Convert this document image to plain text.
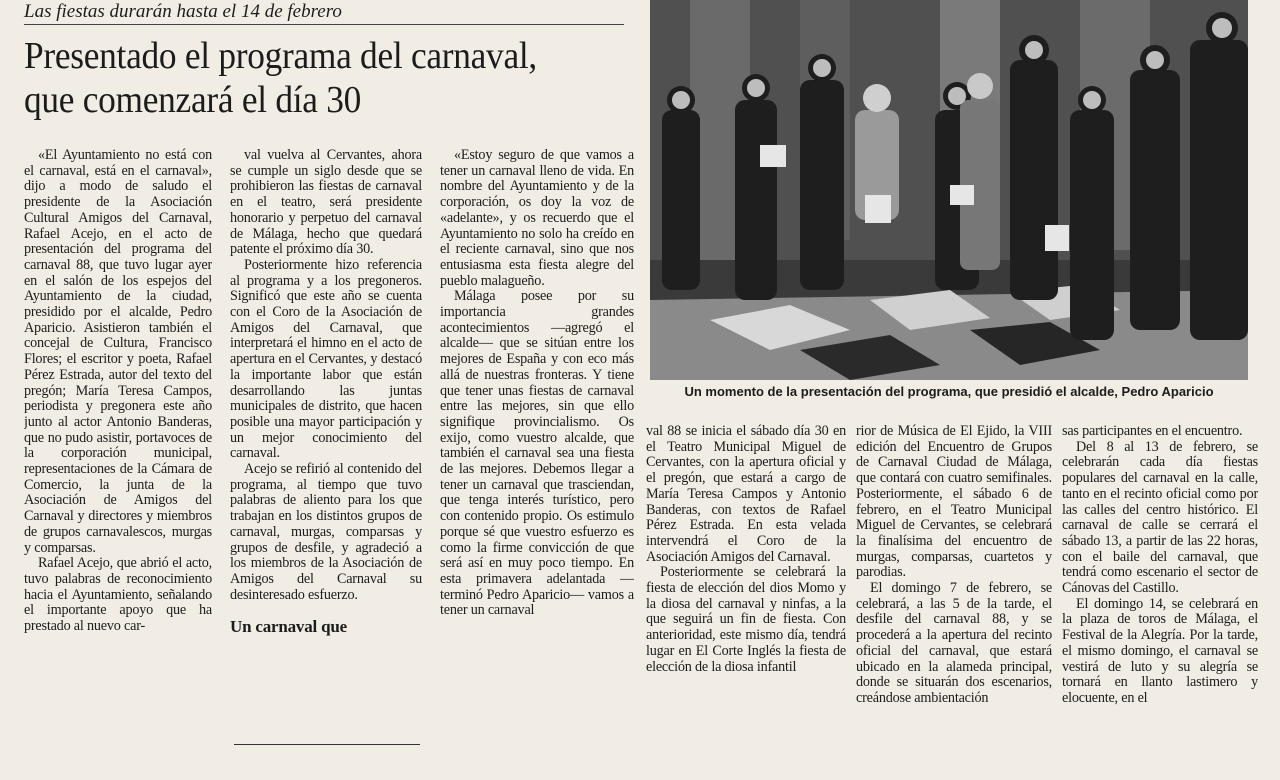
Las fiestas durarán hasta el 14 de febrero
Presentado el programa del carnaval, que comenzará el día 30

«El Ayuntamiento no está con el carnaval, está en el carnaval», dijo a modo de saludo el presidente de la Asociación Cultural Amigos del Carnaval, Rafael Acejo, en el acto de presentación del programa del carnaval 88, que tuvo lugar ayer en el salón de los espejos del Ayuntamiento de la ciudad, presidido por el alcalde, Pedro Aparicio. Asistieron también el concejal de Cultura, Francisco Flores; el escritor y poeta, Rafael Pérez Estrada, autor del texto del pregón; María Teresa Campos, periodista y pregonera este año junto al actor Antonio Banderas, que no pudo asistir, portavoces de la corporación municipal, representaciones de la Cámara de Comercio, la junta de la Asociación de Amigos del Carnaval y directores y miembros de grupos carnavalescos, murgas y comparsas.

Rafael Acejo, que abrió el acto, tuvo palabras de reconocimiento hacia el Ayuntamiento, señalando el importante apoyo que ha prestado al nuevo car-

val vuelva al Cervantes, ahora se cumple un siglo desde que se prohibieron las fiestas de carnaval en el teatro, será presidente honorario y perpetuo del carnaval de Málaga, hecho que quedará patente el próximo día 30.

Posteriormente hizo referencia al programa y a los pregoneros. Significó que este año se cuenta con el Coro de la Asociación de Amigos del Carnaval, que interpretará el himno en el acto de apertura en el Cervantes, y destacó la importante labor que están desarrollando las juntas municipales de distrito, que hacen posible una mayor participación y un mejor conocimiento del carnaval.

Acejo se refirió al contenido del programa, al tiempo que tuvo palabras de aliento para los que trabajan en los distintos grupos de carnaval, murgas, comparsas y grupos de desfile, y agradeció a los miembros de la Asociación de Amigos del Carnaval su desinteresado esfuerzo.

Un carnaval que

«Estoy seguro de que vamos a tener un carnaval lleno de vida. En nombre del Ayuntamiento y de la corporación, os doy la voz de «adelante», y os recuerdo que el Ayuntamiento no solo ha creído en el reciente carnaval, sino que nos entusiasma esta fiesta alegre del pueblo malagueño.

Málaga posee por su importancia grandes acontecimientos —agregó el alcalde— que se sitúan entre los mejores de España y con eco más allá de nuestras fronteras. Y tiene que tener unas fiestas de carnaval entre las mejores, sin que ello signifique provincialismo. Os exijo, como vuestro alcalde, que también el carnaval sea una fiesta de las mejores. Debemos llegar a tener un carnaval que trasciendan, que tenga interés turístico, pero con contenido propio. Os estimulo porque sé que vuestro esfuerzo es como la firme convicción de que será así en muy poco tiempo. En esta primavera adelantada —terminó Pedro Aparicio— vamos a tener un carnaval

Un momento de la presentación del programa, que presidió el alcalde, Pedro Aparicio

val 88 se inicia el sábado día 30 en el Teatro Municipal Miguel de Cervantes, con la apertura oficial y el pregón, que estará a cargo de María Teresa Campos y Antonio Banderas, con textos de Rafael Pérez Estrada. En esta velada intervendrá el Coro de la Asociación Amigos del Carnaval.

Posteriormente se celebrará la fiesta de elección del dios Momo y la diosa del carnaval y ninfas, a la que seguirá un fin de fiesta. Con anterioridad, este mismo día, tendrá lugar en El Corte Inglés la fiesta de elección de la diosa infantil

rior de Música de El Ejido, la VIII edición del Encuentro de Grupos de Carnaval Ciudad de Málaga, que contará con cuatro semifinales. Posteriormente, el sábado 6 de febrero, en el Teatro Municipal Miguel de Cervantes, se celebrará la finalísima del encuentro de murgas, comparsas, cuartetos y parodias.

El domingo 7 de febrero, se celebrará, a las 5 de la tarde, el desfile del carnaval 88, y se procederá a la apertura del recinto oficial del carnaval, que estará ubicado en la alameda principal, donde se situarán dos escenarios, creándose ambientación

sas participantes en el encuentro.

Del 8 al 13 de febrero, se celebrarán cada día fiestas populares del carnaval en la calle, tanto en el recinto oficial como por las calles del centro histórico. El carnaval de calle se cerrará el sábado 13, a partir de las 22 horas, con el baile del carnaval, que tendrá como escenario el sector de Cánovas del Castillo.

El domingo 14, se celebrará en la plaza de toros de Málaga, el Festival de la Alegría. Por la tarde, el mismo domingo, el carnaval se vestirá de luto y su alegría se tornará en llanto lastimero y elocuente, en el
